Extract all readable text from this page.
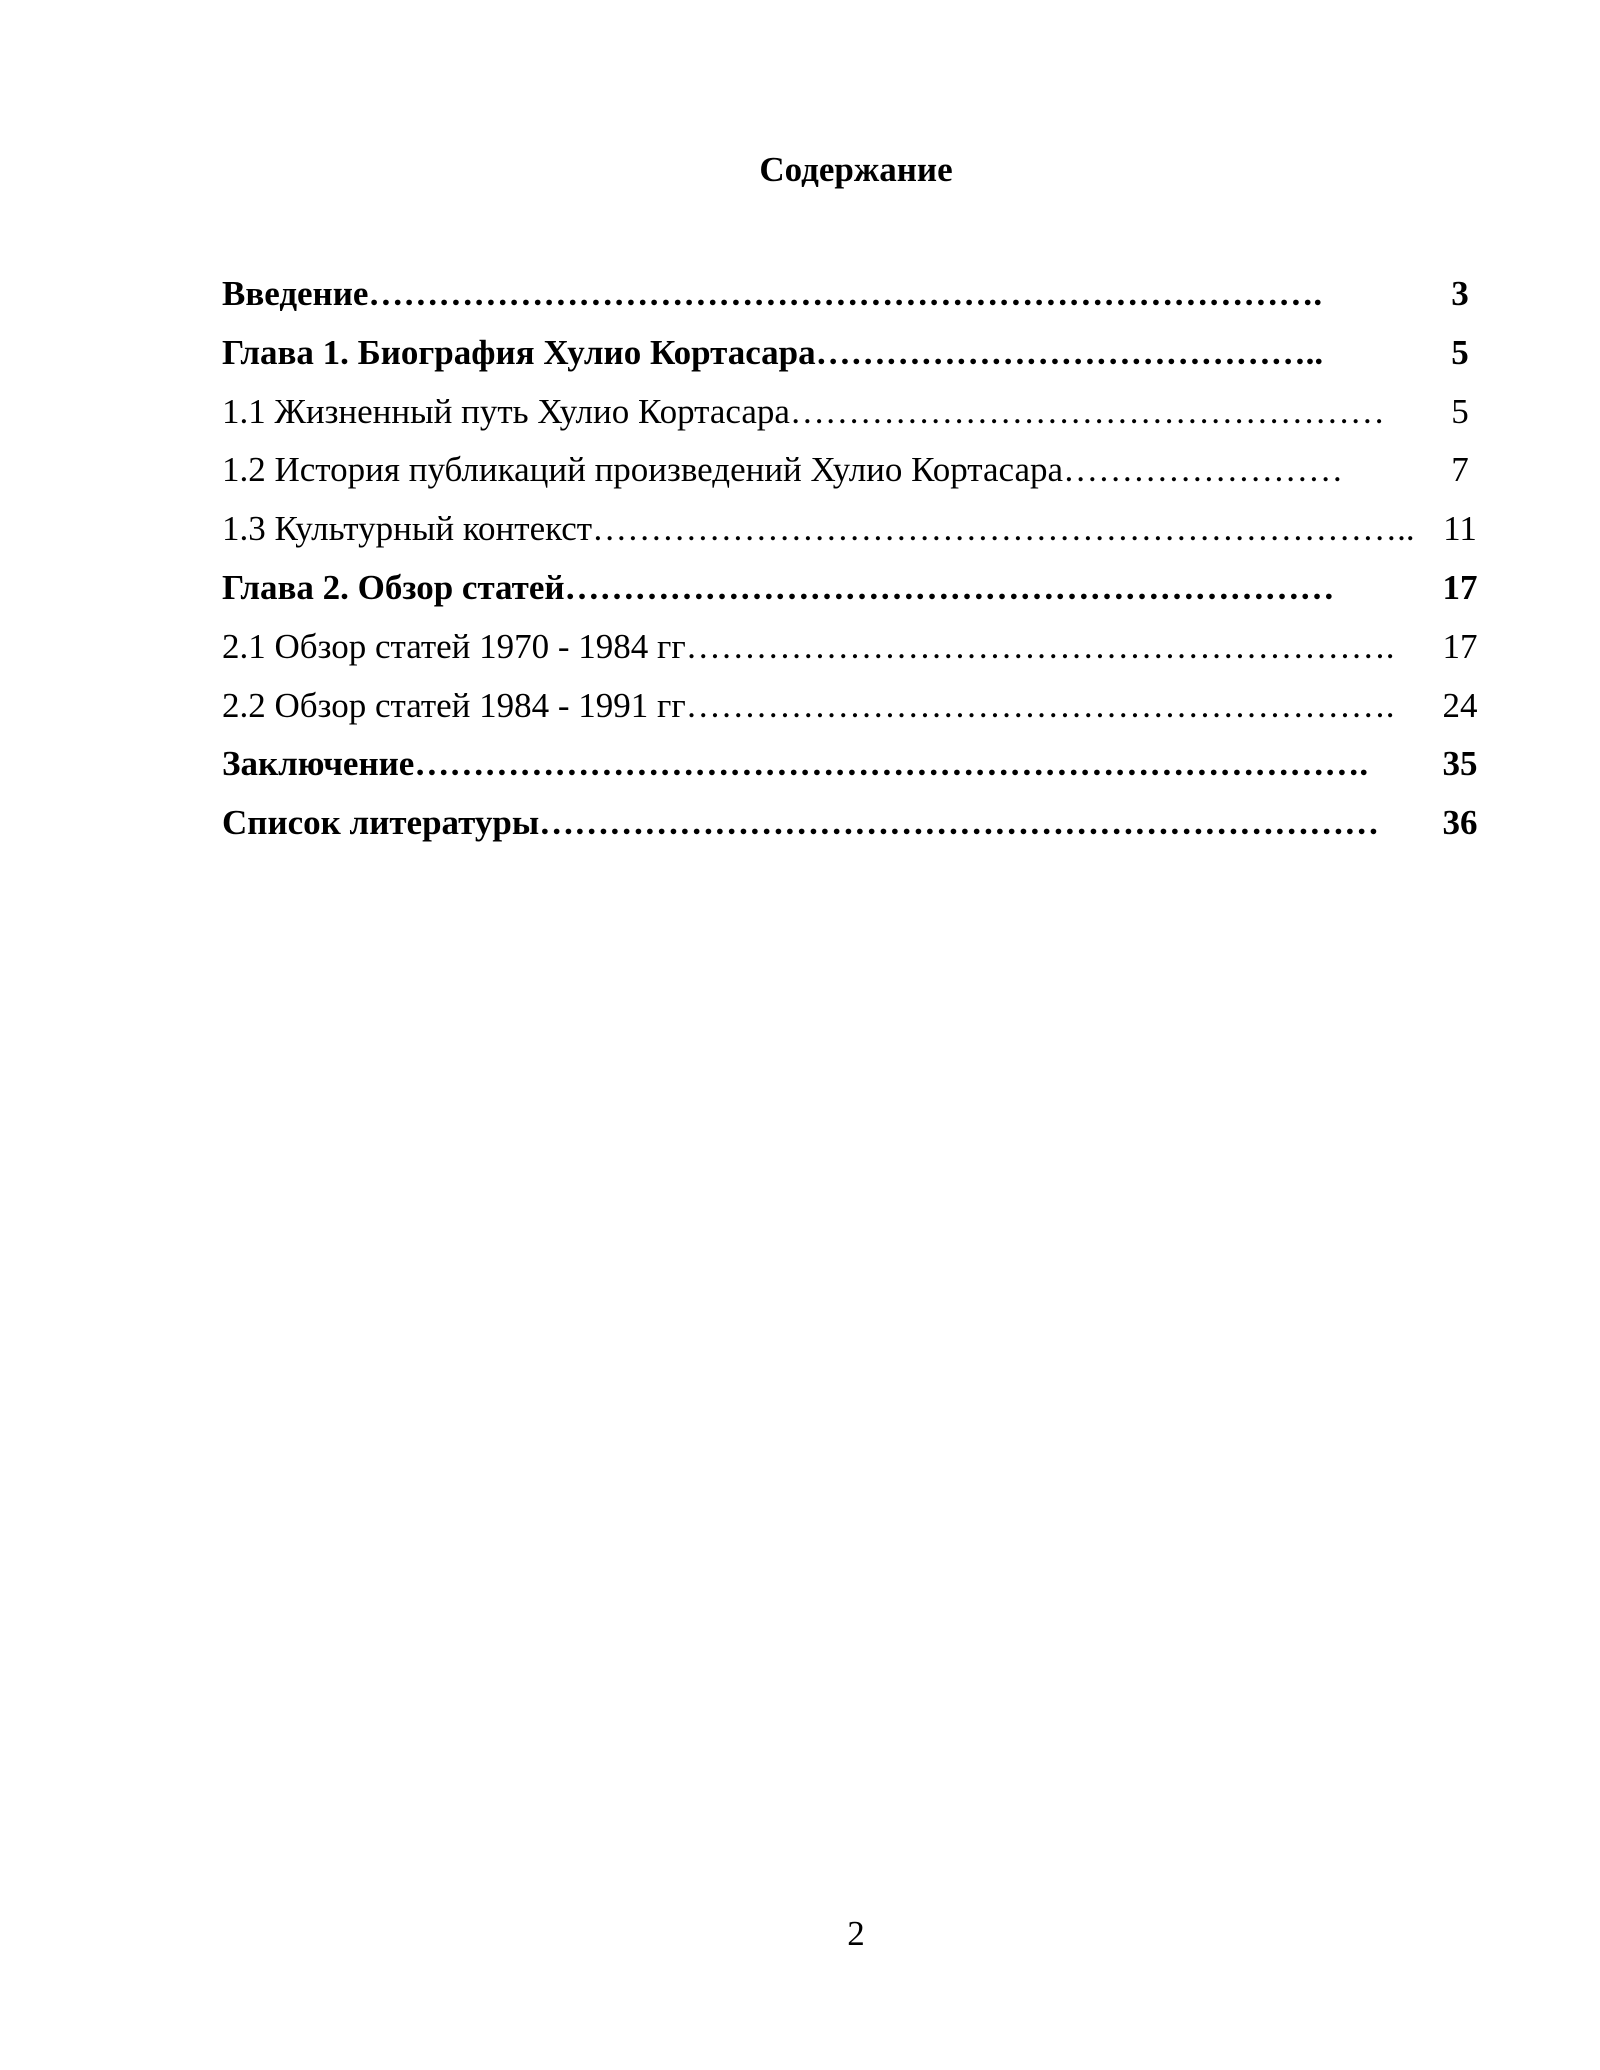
Содержание
Введение……………………………………………………………………….	3
Глава 1. Биография Хулио Кортасара……………………………………..	5
1.1 Жизненный путь Хулио Кортасара……………………………………………	5
1.2 История публикаций произведений Хулио Кортасара……………………	7
1.3 Культурный контекст…………………………………………………………….. 11
Глава 2. Обзор статей…………………………………………………………	17
2.1 Обзор статей 1970 - 1984 гг…………………………………………………….	17
2.2 Обзор статей 1984 - 1991 гг…………………………………………………….	24
Заключение……………………………………………………………………….	35
Список литературы………………………………………………………………	36
2
